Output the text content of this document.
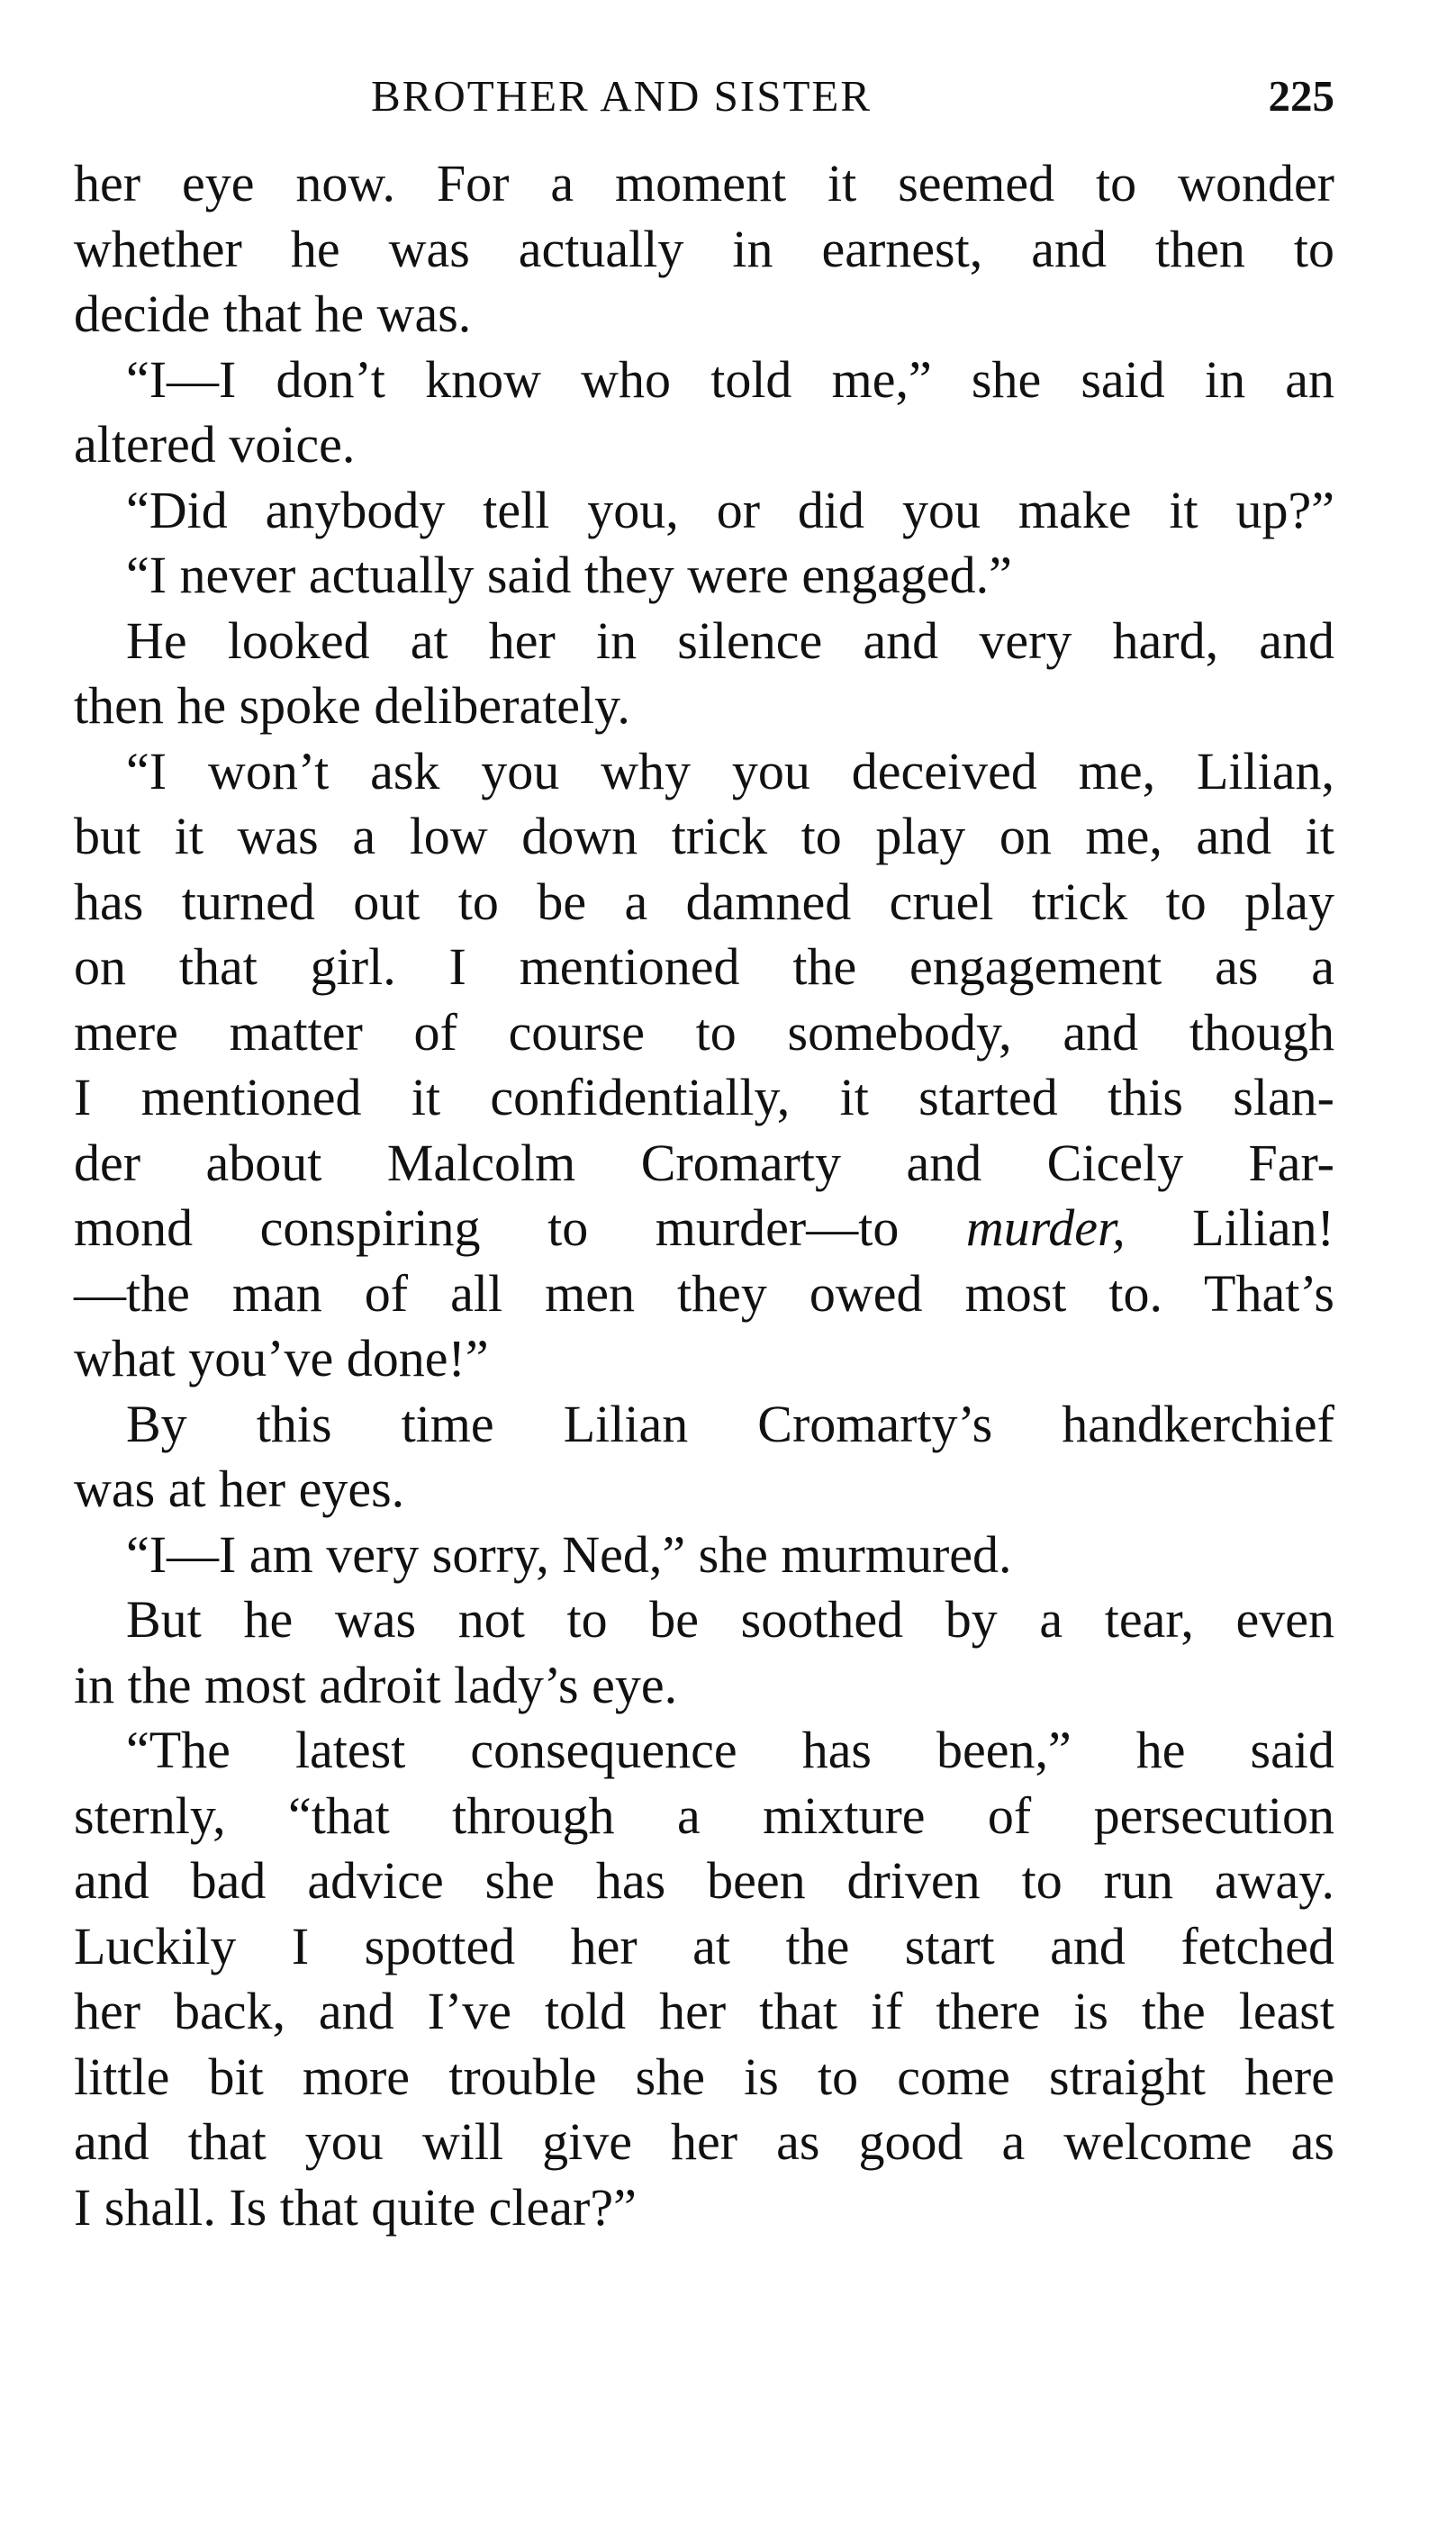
BROTHER AND SISTER	225
her eye now. For a moment it seemed to wonder
whether he was actually in earnest, and then to
decide that he was.
“I—I don’t know who told me,” she said in an
altered voice.
“Did anybody tell you, or did you make it up?”
“I never actually said they were engaged.”
He looked at her in silence and very hard, and
then he spoke deliberately.
“I won’t ask you why you deceived me, Lilian,
but it was a low down trick to play on me, and it
has turned out to be a damned cruel trick to play
on that girl. I mentioned the engagement as a
mere matter of course to somebody, and though
I mentioned it confidentially, it started this slan-
der about Malcolm Cromarty and Cicely Far-
mond conspiring to murder—to murder, Lilian!
—the man of all men they owed most to. That’s
what you’ve done!”
By this time Lilian Cromarty’s handkerchief
was at her eyes.
“I—I am very sorry, Ned,” she murmured.
But he was not to be soothed by a tear, even
in the most adroit lady’s eye.
“The latest consequence has been,” he said
sternly, “that through a mixture of persecution
and bad advice she has been driven to run away.
Luckily I spotted her at the start and fetched
her back, and I’ve told her that if there is the least
little bit more trouble she is to come straight here
and that you will give her as good a welcome as
I shall. Is that quite clear?”
